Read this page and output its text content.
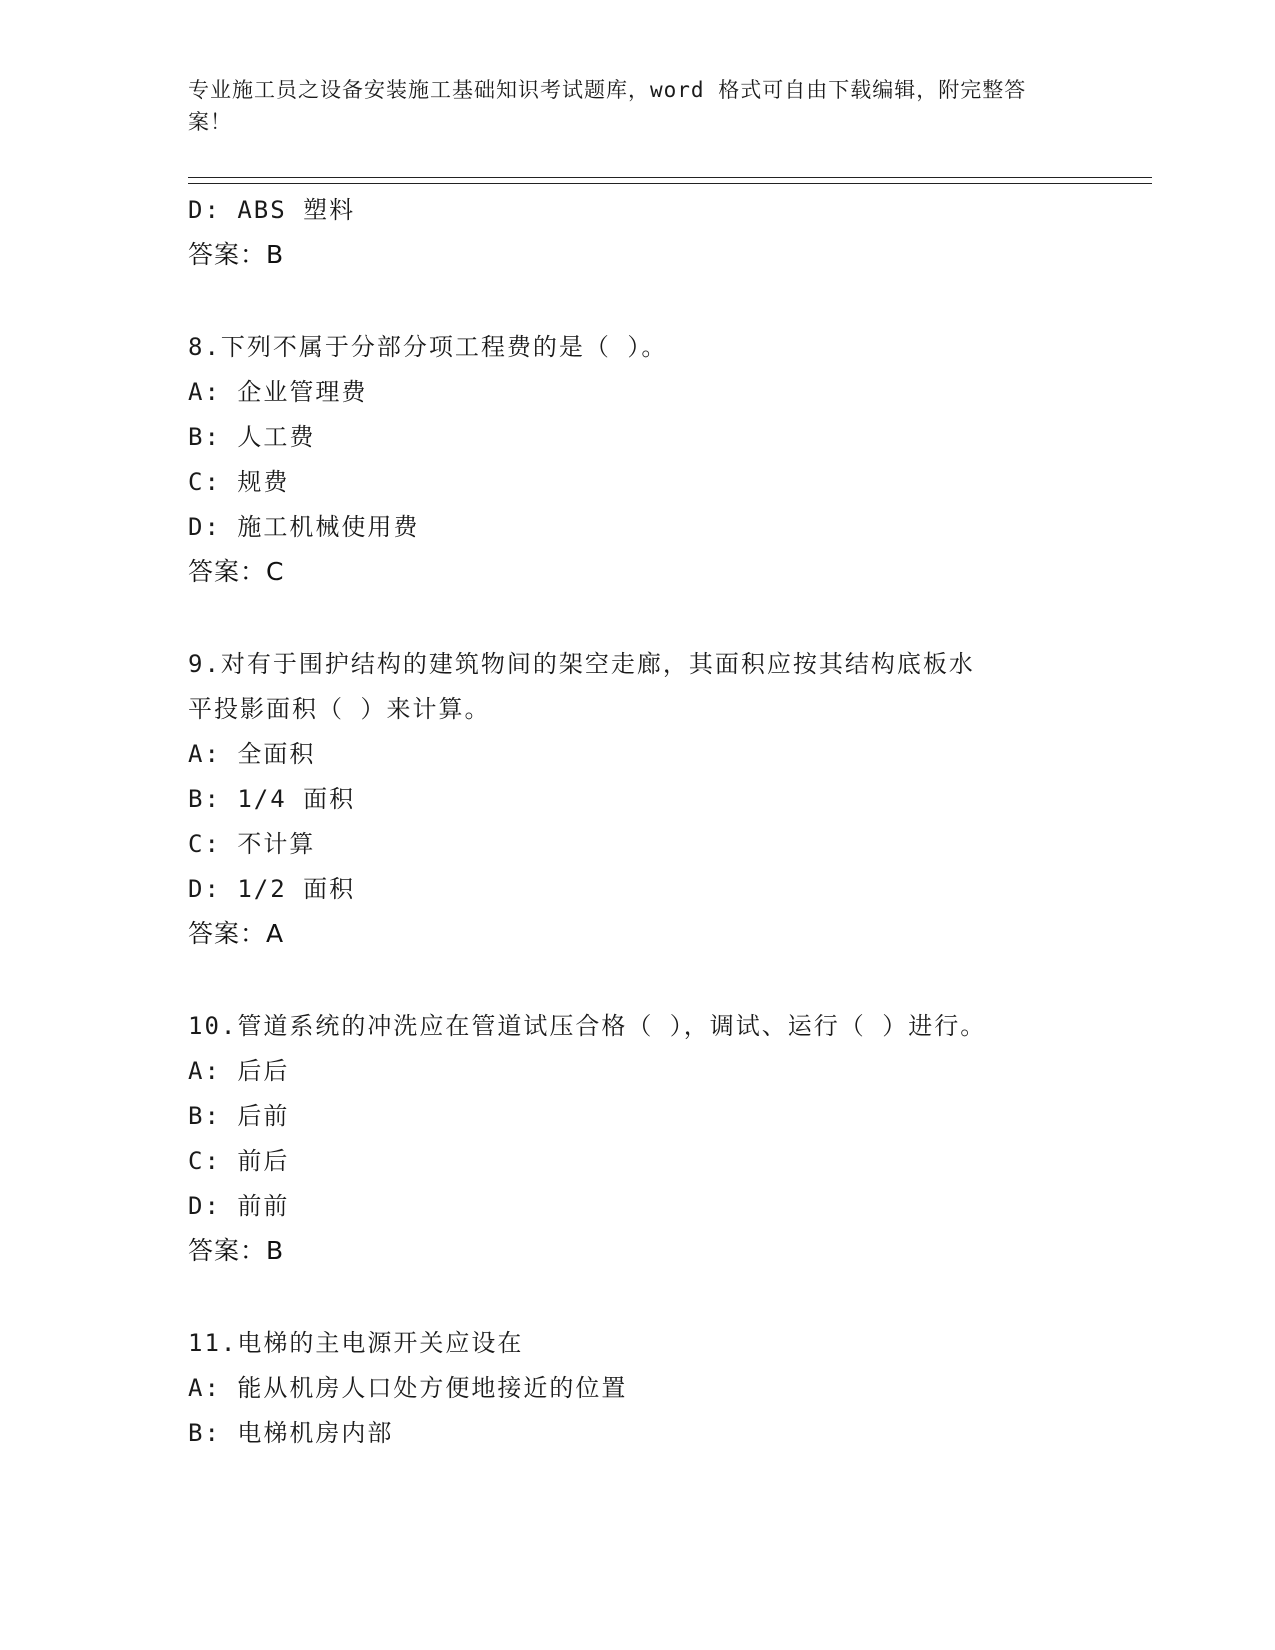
专业施工员之设备安装施工基础知识考试题库，word 格式可自由下载编辑，附完整答案！
D: ABS 塑料
答案：B
8.下列不属于分部分项工程费的是（ ）。
A: 企业管理费
B: 人工费
C: 规费
D: 施工机械使用费
答案：C
9.对有于围护结构的建筑物间的架空走廊，其面积应按其结构底板水
平投影面积（ ）来计算。
A: 全面积
B: 1/4 面积
C: 不计算
D: 1/2 面积
答案：A
10.管道系统的冲洗应在管道试压合格（ ），调试、运行（ ）进行。
A: 后后
B: 后前
C: 前后
D: 前前
答案：B
11.电梯的主电源开关应设在
A: 能从机房人口处方便地接近的位置
B: 电梯机房内部
